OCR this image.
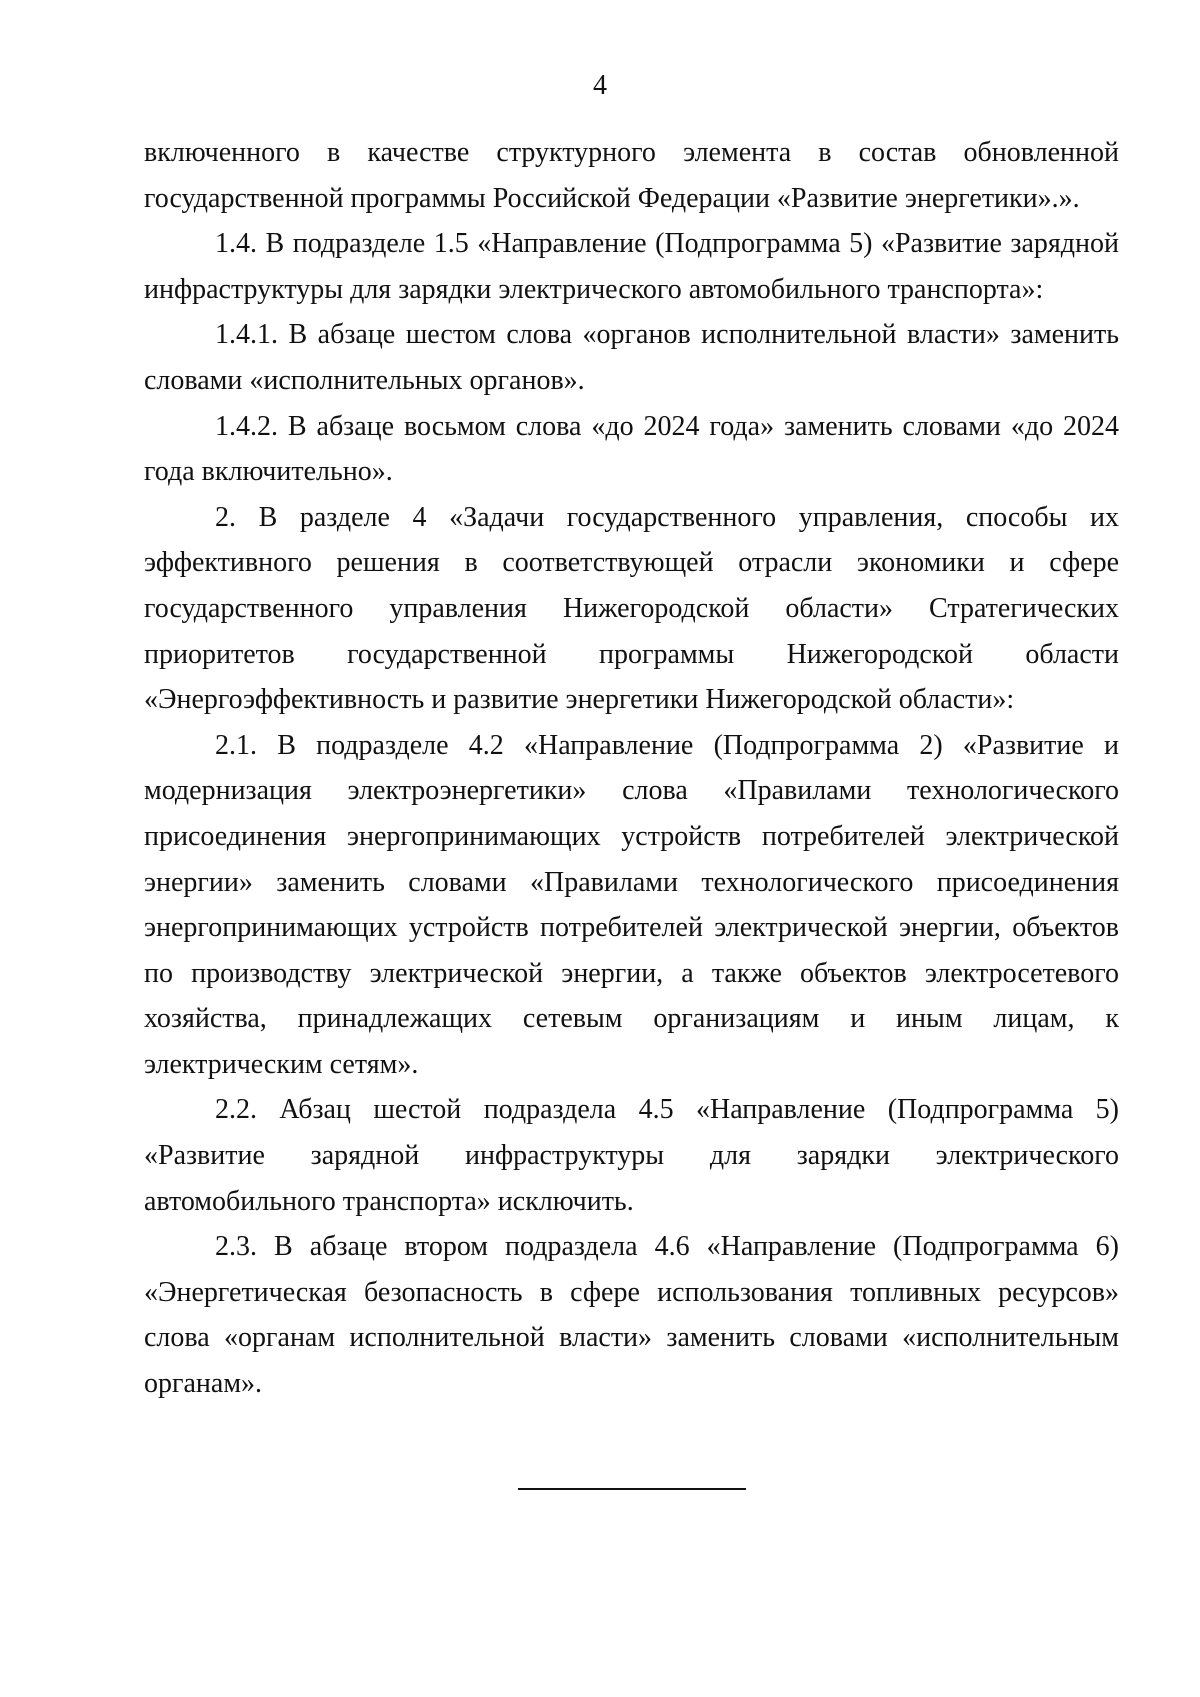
4

включенного в качестве структурного элемента в состав обновленной государственной программы Российской Федерации «Развитие энергетики».».

1.4. В подразделе 1.5 «Направление (Подпрограмма 5) «Развитие зарядной инфраструктуры для зарядки электрического автомобильного транспорта»:

1.4.1. В абзаце шестом слова «органов исполнительной власти» заменить словами «исполнительных органов».

1.4.2. В абзаце восьмом слова «до 2024 года» заменить словами «до 2024 года включительно».

2. В разделе 4 «Задачи государственного управления, способы их эффективного решения в соответствующей отрасли экономики и сфере государственного управления Нижегородской области» Стратегических приоритетов государственной программы Нижегородской области «Энергоэффективность и развитие энергетики Нижегородской области»:

2.1. В подразделе 4.2 «Направление (Подпрограмма 2) «Развитие и модернизация электроэнергетики» слова «Правилами технологического присоединения энергопринимающих устройств потребителей электрической энергии» заменить словами «Правилами технологического присоединения энергопринимающих устройств потребителей электрической энергии, объектов по производству электрической энергии, а также объектов электросетевого хозяйства, принадлежащих сетевым организациям и иным лицам, к электрическим сетям».

2.2. Абзац шестой подраздела 4.5 «Направление (Подпрограмма 5) «Развитие зарядной инфраструктуры для зарядки электрического автомобильного транспорта» исключить.

2.3. В абзаце втором подраздела 4.6 «Направление (Подпрограмма 6) «Энергетическая безопасность в сфере использования топливных ресурсов» слова «органам исполнительной власти» заменить словами «исполнительным органам».
